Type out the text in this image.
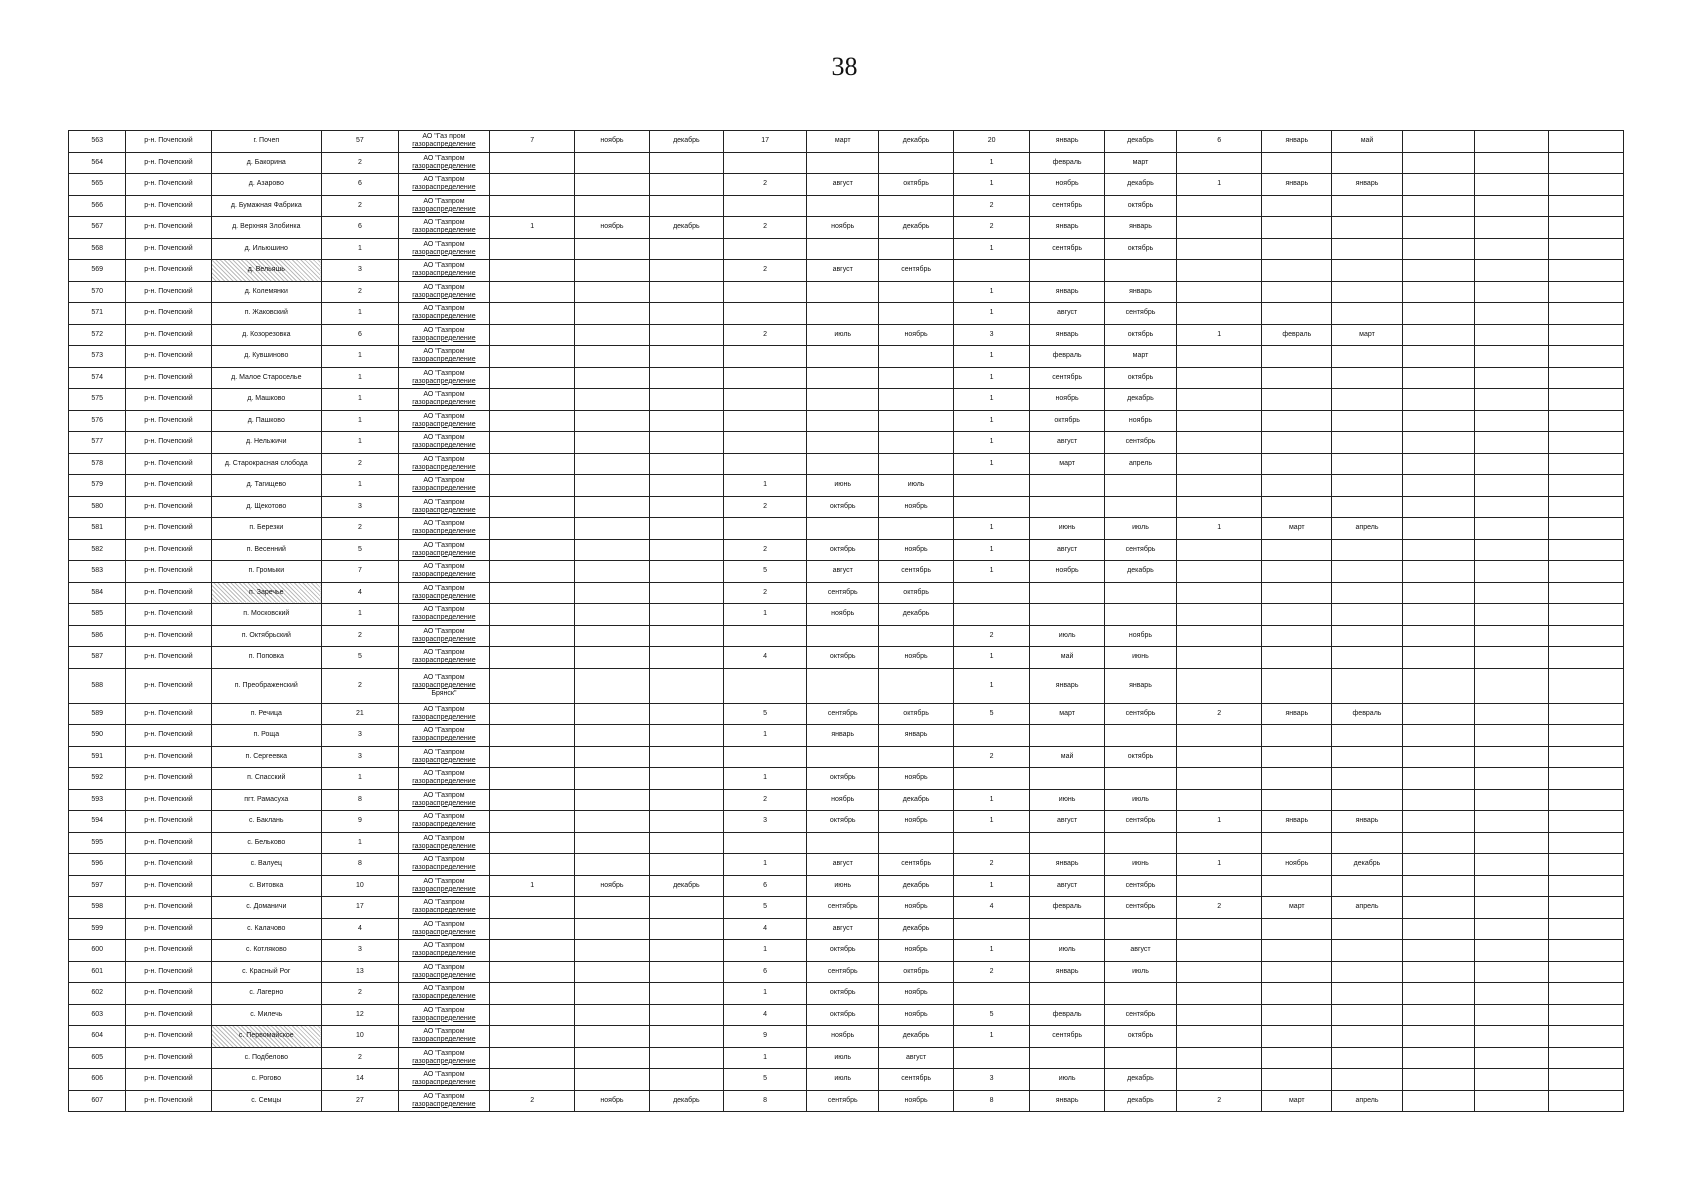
38
563	р-н. Почепский	г. Почеп	57	АО "Газ пром
газораспределение	7	ноябрь	декабрь	17	март	декабрь	20	январь	декабрь	6	январь	май			
564	р-н. Почепский	д. Бакорина	2	АО "Газпром
газораспределение							1	февраль	март						
565	р-н. Почепский	д. Азарово	6	АО "Газпром
газораспределение				2	август	октябрь	1	ноябрь	декабрь	1	январь	январь			
566	р-н. Почепский	д. Бумажная Фабрика	2	АО "Газпром
газораспределение							2	сентябрь	октябрь						
567	р-н. Почепский	д. Верхняя Злобинка	6	АО "Газпром
газораспределение	1	ноябрь	декабрь	2	ноябрь	декабрь	2	январь	январь						
568	р-н. Почепский	д. Ильюшино	1	АО "Газпром
газораспределение							1	сентябрь	октябрь						
569	р-н. Почепский	д. Вельяшь	3	АО "Газпром
газораспределение				2	август	сентябрь									
570	р-н. Почепский	д. Колемянки	2	АО "Газпром
газораспределение							1	январь	январь						
571	р-н. Почепский	п. Жаковский	1	АО "Газпром
газораспределение							1	август	сентябрь						
572	р-н. Почепский	д. Козорезовка	6	АО "Газпром
газораспределение				2	июль	ноябрь	3	январь	октябрь	1	февраль	март			
573	р-н. Почепский	д. Кувшиново	1	АО "Газпром
газораспределение							1	февраль	март						
574	р-н. Почепский	д. Малое Староселье	1	АО "Газпром
газораспределение							1	сентябрь	октябрь						
575	р-н. Почепский	д. Машково	1	АО "Газпром
газораспределение							1	ноябрь	декабрь						
576	р-н. Почепский	д. Пашково	1	АО "Газпром
газораспределение							1	октябрь	ноябрь						
577	р-н. Почепский	д. Нельжичи	1	АО "Газпром
газораспределение							1	август	сентябрь						
578	р-н. Почепский	д. Старокрасная слобода	2	АО "Газпром
газораспределение							1	март	апрель						
579	р-н. Почепский	д. Тагищево	1	АО "Газпром
газораспределение				1	июнь	июль									
580	р-н. Почепский	д. Щекотово	3	АО "Газпром
газораспределение				2	октябрь	ноябрь									
581	р-н. Почепский	п. Березки	2	АО "Газпром
газораспределение							1	июнь	июль	1	март	апрель			
582	р-н. Почепский	п. Весенний	5	АО "Газпром
газораспределение				2	октябрь	ноябрь	1	август	сентябрь						
583	р-н. Почепский	п. Громыки	7	АО "Газпром
газораспределение				5	август	сентябрь	1	ноябрь	декабрь						
584	р-н. Почепский	п. Заречье	4	АО "Газпром
газораспределение				2	сентябрь	октябрь									
585	р-н. Почепский	п. Московский	1	АО "Газпром
газораспределение				1	ноябрь	декабрь									
586	р-н. Почепский	п. Октябрьский	2	АО "Газпром
газораспределение							2	июль	ноябрь						
587	р-н. Почепский	п. Поповка	5	АО "Газпром
газораспределение				4	октябрь	ноябрь	1	май	июнь						
588	р-н. Почепский	п. Преображенский	2	АО "Газпром
газораспределение
Брянск"							1	январь	январь						
589	р-н. Почепский	п. Речица	21	АО "Газпром
газораспределение				5	сентябрь	октябрь	5	март	сентябрь	2	январь	февраль			
590	р-н. Почепский	п. Роща	3	АО "Газпром
газораспределение				1	январь	январь									
591	р-н. Почепский	п. Сергеевка	3	АО "Газпром
газораспределение							2	май	октябрь						
592	р-н. Почепский	п. Спасский	1	АО "Газпром
газораспределение				1	октябрь	ноябрь									
593	р-н. Почепский	пгт. Рамасуха	8	АО "Газпром
газораспределение				2	ноябрь	декабрь	1	июнь	июль						
594	р-н. Почепский	с. Баклань	9	АО "Газпром
газораспределение				3	октябрь	ноябрь	1	август	сентябрь	1	январь	январь			
595	р-н. Почепский	с. Бельково	1	АО "Газпром
газораспределение															

596	р-н. Почепский	с. Валуец	8	АО "Газпром
газораспределение				1	август	сентябрь	2	январь	июнь	1	ноябрь	декабрь			
597	р-н. Почепский	с. Витовка	10	АО "Газпром
газораспределение	1	ноябрь	декабрь	6	июнь	декабрь	1	август	сентябрь						
598	р-н. Почепский	с. Доманичи	17	АО "Газпром
газораспределение				5	сентябрь	ноябрь	4	февраль	сентябрь	2	март	апрель			
599	р-н. Почепский	с. Калачово	4	АО "Газпром
газораспределение				4	август	декабрь									
600	р-н. Почепский	с. Котляково	3	АО "Газпром
газораспределение				1	октябрь	ноябрь	1	июль	август						
601	р-н. Почепский	с. Красный Рог	13	АО "Газпром
газораспределение				6	сентябрь	октябрь	2	январь	июль						
602	р-н. Почепский	с. Лагерно	2	АО "Газпром
газораспределение				1	октябрь	ноябрь									
603	р-н. Почепский	с. Милечь	12	АО "Газпром
газораспределение				4	октябрь	ноябрь	5	февраль	сентябрь						
604	р-н. Почепский	с. Первомайское	10	АО "Газпром
газораспределение				9	ноябрь	декабрь	1	сентябрь	октябрь						
605	р-н. Почепский	с. Подбелово	2	АО "Газпром
газораспределение				1	июль	август									
606	р-н. Почепский	с. Рогово	14	АО "Газпром
газораспределение				5	июль	сентябрь	3	июль	декабрь						
607	р-н. Почепский	с. Семцы	27	АО "Газпром
газораспределение	2	ноябрь	декабрь	8	сентябрь	ноябрь	8	январь	декабрь	2	март	апрель			
